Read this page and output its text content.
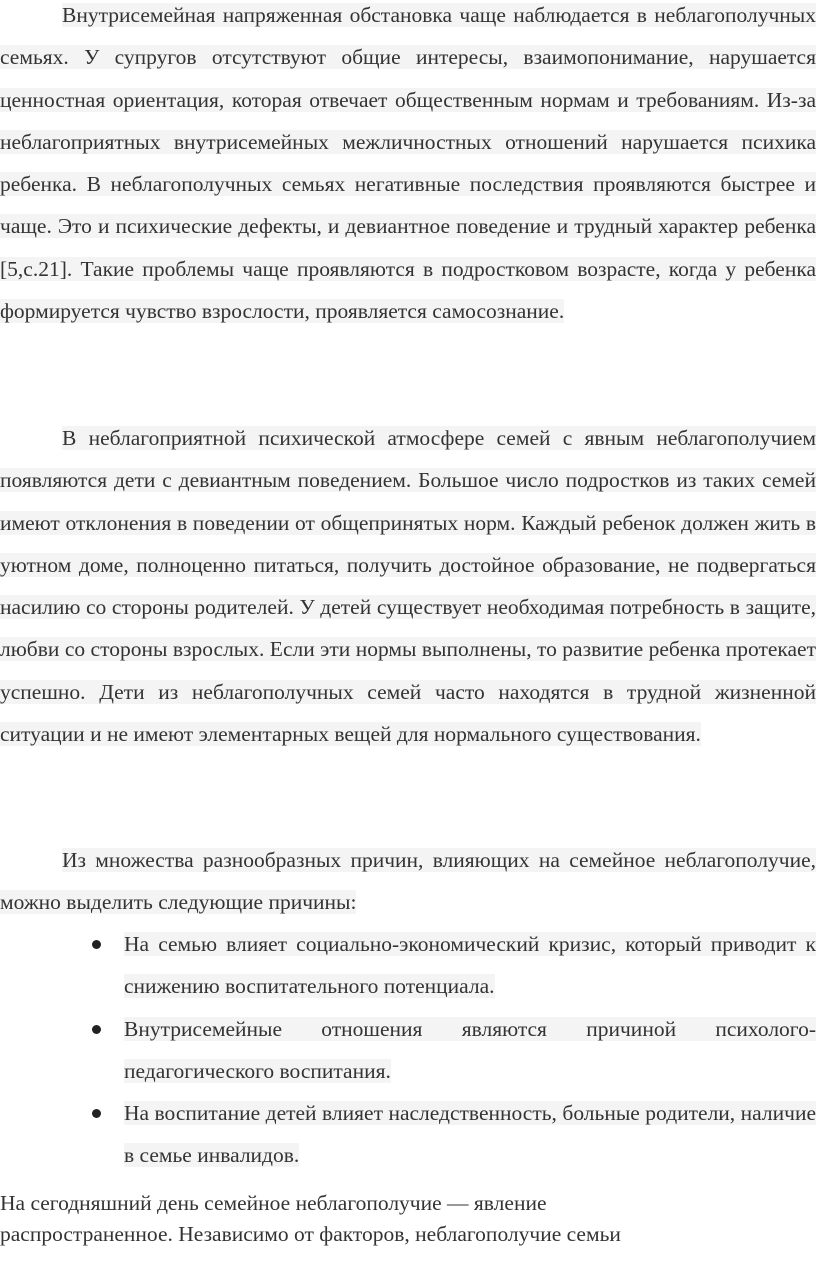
Внутрисемейная напряженная обстановка чаще наблюдается в неблагополучных семьях. У супругов отсутствуют общие интересы, взаимопонимание, нарушается ценностная ориентация, которая отвечает общественным нормам и требованиям. Из-за неблагоприятных внутрисемейных межличностных отношений нарушается психика ребенка. В неблагополучных семьях негативные последствия проявляются быстрее и чаще. Это и психические дефекты, и девиантное поведение и трудный характер ребенка [5,с.21]. Такие проблемы чаще проявляются в подростковом возрасте, когда у ребенка формируется чувство взрослости, проявляется самосознание.

В неблагоприятной психической атмосфере семей с явным неблагополучием появляются дети с девиантным поведением. Большое число подростков из таких семей имеют отклонения в поведении от общепринятых норм. Каждый ребенок должен жить в уютном доме, полноценно питаться, получить достойное образование, не подвергаться насилию со стороны родителей. У детей существует необходимая потребность в защите, любви со стороны взрослых. Если эти нормы выполнены, то развитие ребенка протекает успешно. Дети из неблагополучных семей часто находятся в трудной жизненной ситуации и не имеют элементарных вещей для нормального существования.

Из множества разнообразных причин, влияющих на семейное неблагополучие, можно выделить следующие причины:

На семью влияет социально-экономический кризис, который приводит к снижению воспитательного потенциала.
Внутрисемейные отношения являются причиной психолого-педагогического воспитания.
На воспитание детей влияет наследственность, больные родители, наличие в семье инвалидов.

На сегодняшний день семейное неблагополучие — явление
распространенное. Независимо от факторов, неблагополучие семьи
